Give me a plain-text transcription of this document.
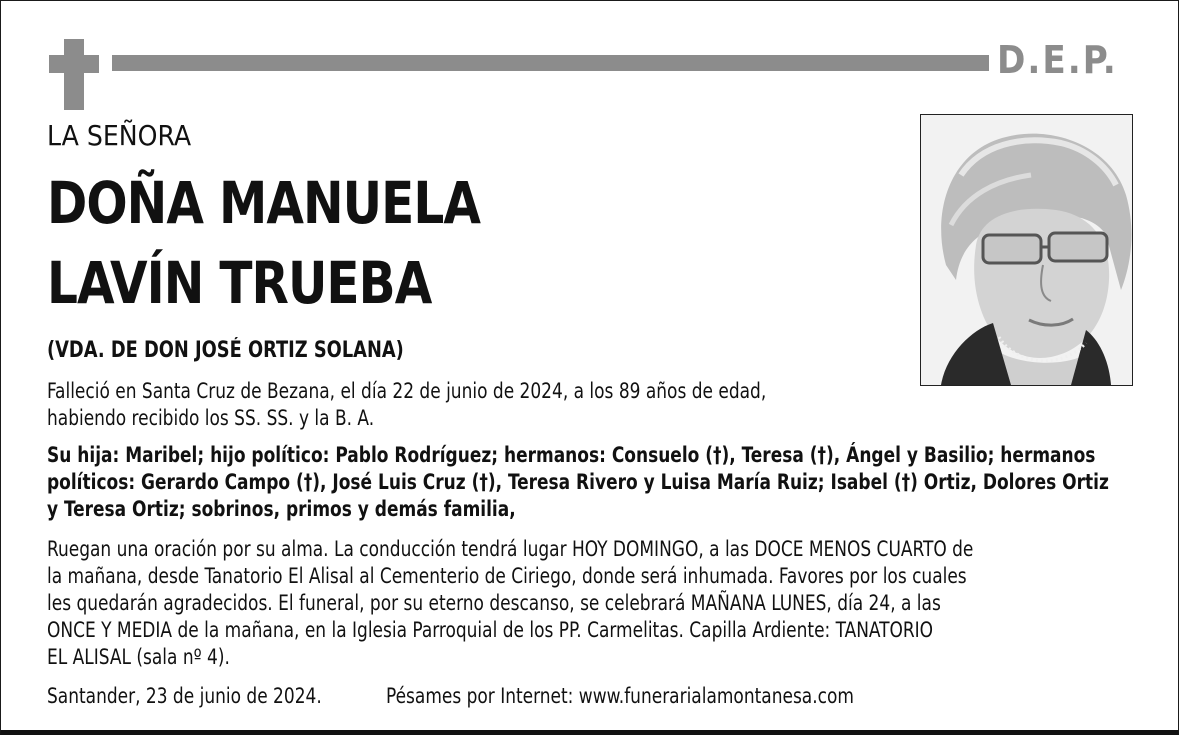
D.E.P.
LA SEÑORA
DOÑA MANUELA
LAVÍN TRUEBA
(VDA. DE DON JOSÉ ORTIZ SOLANA)
Falleció en Santa Cruz de Bezana, el día 22 de junio de 2024, a los 89 años de edad,
habiendo recibido los SS. SS. y la B. A.
Su hija: Maribel; hijo político: Pablo Rodríguez; hermanos: Consuelo (†), Teresa (†), Ángel y Basilio; hermanos
políticos: Gerardo Campo (†), José Luis Cruz (†), Teresa Rivero y Luisa María Ruiz; Isabel (†) Ortiz, Dolores Ortiz
y Teresa Ortiz; sobrinos, primos y demás familia,
Ruegan una oración por su alma. La conducción tendrá lugar HOY DOMINGO, a las DOCE MENOS CUARTO de
la mañana, desde Tanatorio El Alisal al Cementerio de Ciriego, donde será inhumada. Favores por los cuales
les quedarán agradecidos. El funeral, por su eterno descanso, se celebrará MAÑANA LUNES, día 24, a las
ONCE Y MEDIA de la mañana, en la Iglesia Parroquial de los PP. Carmelitas. Capilla Ardiente: TANATORIO
EL ALISAL (sala nº 4).
Santander, 23 de junio de 2024.	Pésames por Internet: www.funerarialamontanesa.com
